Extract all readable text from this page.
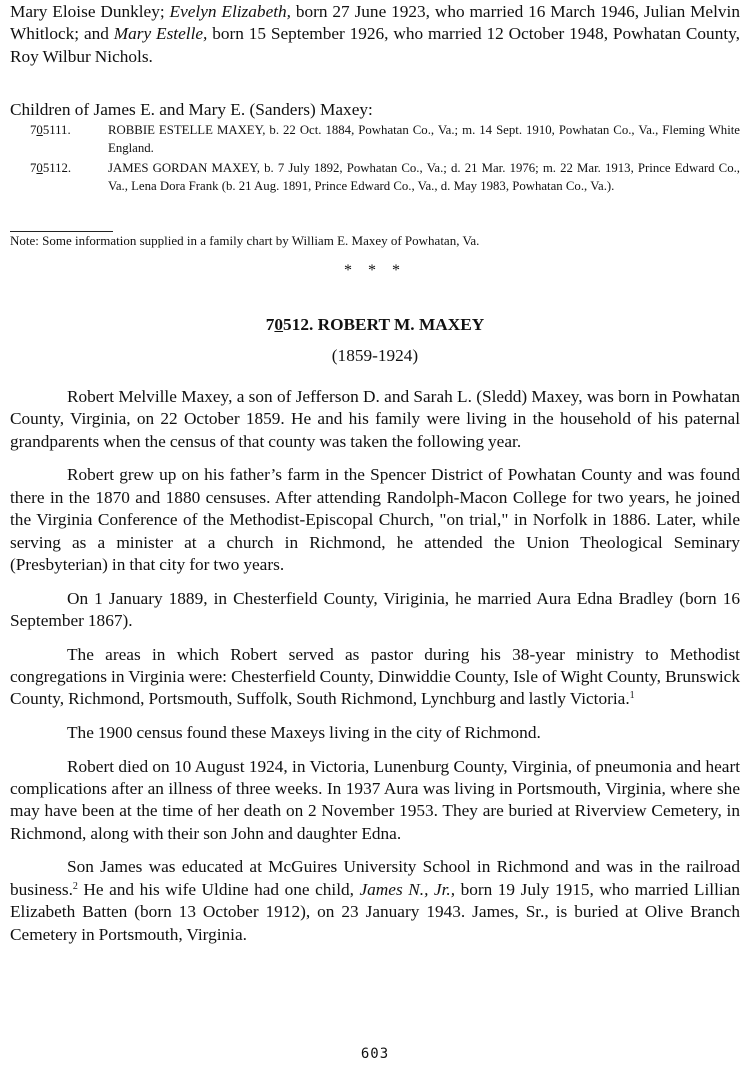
Mary Eloise Dunkley; Evelyn Elizabeth, born 27 June 1923, who married 16 March 1946, Julian Melvin Whitlock; and Mary Estelle, born 15 September 1926, who married 12 October 1948, Powhatan County, Roy Wilbur Nichols.

Children of James E. and Mary E. (Sanders) Maxey:
705111.	ROBBIE ESTELLE MAXEY, b. 22 Oct. 1884, Powhatan Co., Va.; m. 14 Sept. 1910, Powhatan Co., Va., Fleming White England.
705112.	JAMES GORDAN MAXEY, b. 7 July 1892, Powhatan Co., Va.; d. 21 Mar. 1976; m. 22 Mar. 1913, Prince Edward Co., Va., Lena Dora Frank (b. 21 Aug. 1891, Prince Edward Co., Va., d. May 1983, Powhatan Co., Va.).
Note: Some information supplied in a family chart by William E. Maxey of Powhatan, Va.
* * *
70512. ROBERT M. MAXEY
(1859-1924)

Robert Melville Maxey, a son of Jefferson D. and Sarah L. (Sledd) Maxey, was born in Powhatan County, Virginia, on 22 October 1859. He and his family were living in the household of his paternal grandparents when the census of that county was taken the following year.

Robert grew up on his father’s farm in the Spencer District of Powhatan County and was found there in the 1870 and 1880 censuses. After attending Randolph-Macon College for two years, he joined the Virginia Conference of the Methodist-Episcopal Church, "on trial," in Norfolk in 1886. Later, while serving as a minister at a church in Richmond, he attended the Union Theological Seminary (Presbyterian) in that city for two years.

On 1 January 1889, in Chesterfield County, Viriginia, he married Aura Edna Bradley (born 16 September 1867).

The areas in which Robert served as pastor during his 38-year ministry to Methodist congregations in Virginia were: Chesterfield County, Dinwiddie County, Isle of Wight County, Brunswick County, Richmond, Portsmouth, Suffolk, South Richmond, Lynchburg and lastly Victoria.$^1$

The 1900 census found these Maxeys living in the city of Richmond.

Robert died on 10 August 1924, in Victoria, Lunenburg County, Virginia, of pneumonia and heart complications after an illness of three weeks. In 1937 Aura was living in Portsmouth, Virginia, where she may have been at the time of her death on 2 November 1953. They are buried at Riverview Cemetery, in Richmond, along with their son John and daughter Edna.

Son James was educated at McGuires University School in Richmond and was in the railroad business.$^2$ He and his wife Uldine had one child, James N., Jr., born 19 July 1915, who married Lillian Elizabeth Batten (born 13 October 1912), on 23 January 1943. James, Sr., is buried at Olive Branch Cemetery in Portsmouth, Virginia.

603
